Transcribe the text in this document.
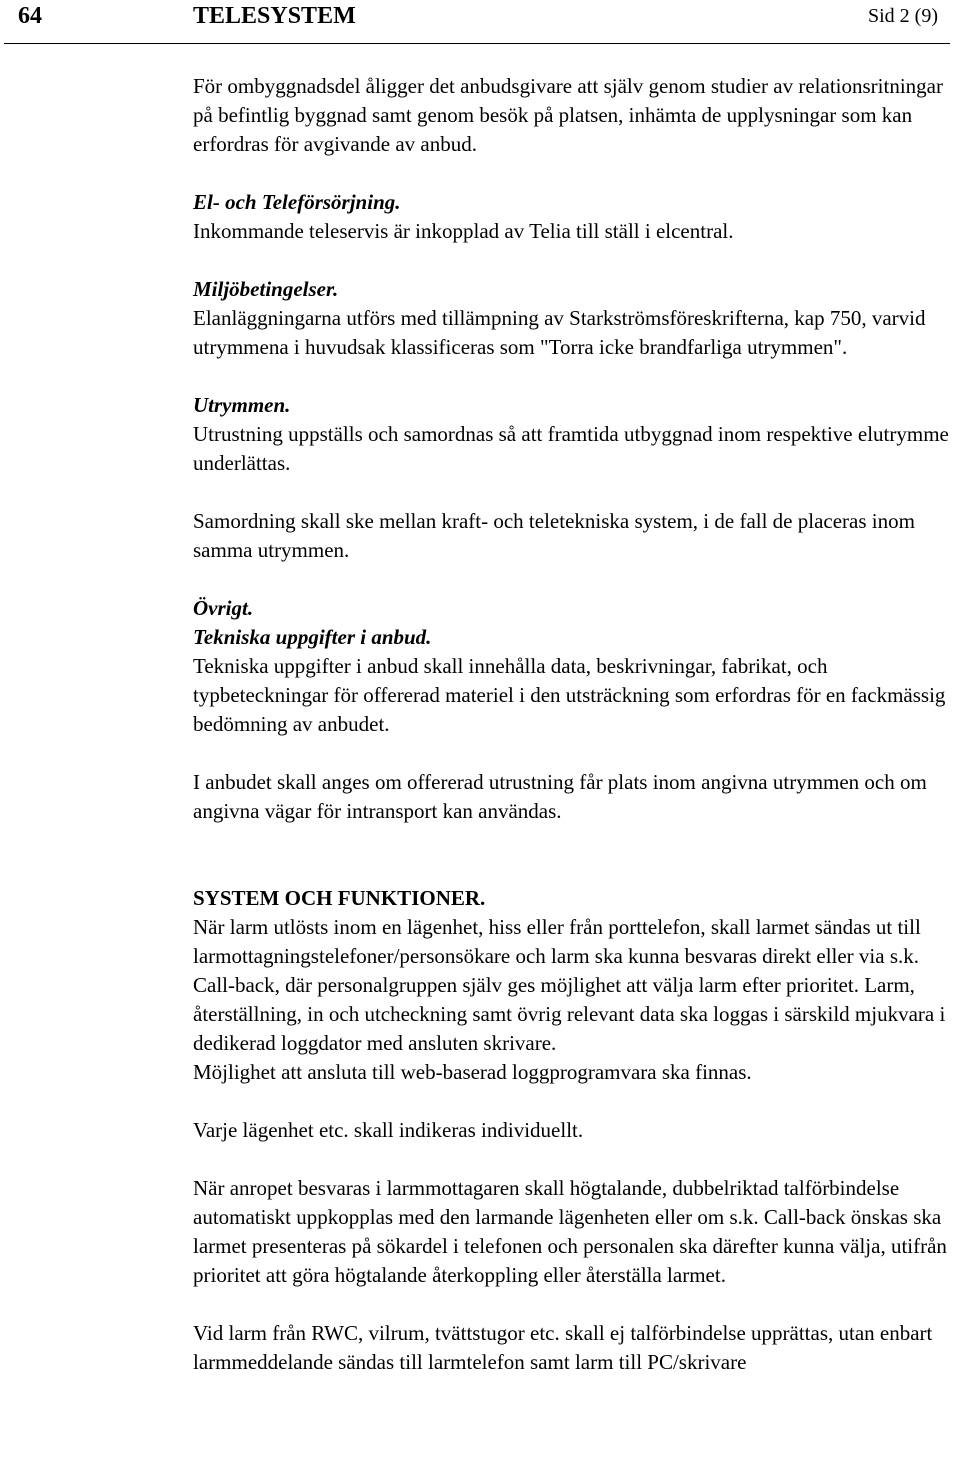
64	TELESYSTEM	Sid 2 (9)

För ombyggnadsdel åligger det anbudsgivare att själv genom studier av relationsritningar på befintlig byggnad samt genom besök på platsen, inhämta de upplysningar som kan erfordras för avgivande av anbud.

El- och Teleförsörjning.

Inkommande teleservis är inkopplad av Telia till ställ i elcentral.

Miljöbetingelser.

Elanläggningarna utförs med tillämpning av Starkströmsföreskrifterna, kap 750, varvid utrymmena i huvudsak klassificeras som "Torra icke brandfarliga utrymmen".

Utrymmen.

Utrustning uppställs och samordnas så att framtida utbyggnad inom respektive elutrymme underlättas.

Samordning skall ske mellan kraft- och teletekniska system, i de fall de placeras inom samma utrymmen.

Övrigt.

Tekniska uppgifter i anbud.

Tekniska uppgifter i anbud skall innehålla data, beskrivningar, fabrikat, och typbeteckningar för offererad materiel i den utsträckning som erfordras för en fackmässig bedömning av anbudet.

I anbudet skall anges om offererad utrustning får plats inom angivna utrymmen och om angivna vägar för intransport kan användas.

SYSTEM OCH FUNKTIONER.

När larm utlösts inom en lägenhet, hiss eller från porttelefon, skall larmet sändas ut till larmottagningstelefoner/personsökare och larm ska kunna besvaras direkt eller via s.k. Call-back, där personalgruppen själv ges möjlighet att välja larm efter prioritet. Larm, återställning, in och utcheckning samt övrig relevant data ska loggas i särskild mjukvara i dedikerad loggdator med ansluten skrivare.

Möjlighet att ansluta till web-baserad loggprogramvara ska finnas.

Varje lägenhet etc. skall indikeras individuellt.

När anropet besvaras i larmmottagaren skall högtalande, dubbelriktad talförbindelse automatiskt uppkopplas med den larmande lägenheten eller om s.k. Call-back önskas ska larmet presenteras på sökardel i telefonen och personalen ska därefter kunna välja, utifrån prioritet att göra högtalande återkoppling eller återställa larmet.

Vid larm från RWC, vilrum, tvättstugor etc. skall ej talförbindelse upprättas, utan enbart larmmeddelande sändas till larmtelefon samt larm till PC/skrivare
